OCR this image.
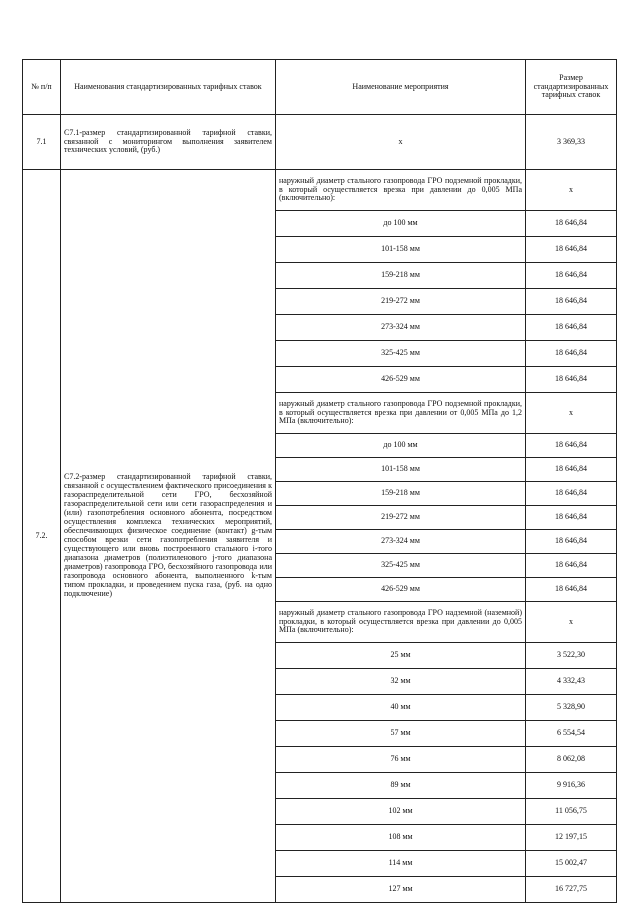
№ п/п	Наименования стандартизированных тарифных ставок	Наименование мероприятия	Размер стандартизированных тарифных ставок
7.1	С7.1-размер стандартизированной тарифной ставки, связанной с мониторингом выполнения заявителем технических условий, (руб.)	х	3 369,33
7.2.	С7.2-размер стандартизированной тарифной ставки, связанной с осуществлением фактического присоединения к газораспределительной сети ГРО, бесхозяйной газораспределительной сети или сети газораспределения и (или) газопотребления основного абонента, посредством осуществления комплекса технических мероприятий, обеспечивающих физическое соединение (контакт) g-тым способом врезки сети газопотребления заявителя и существующего или вновь построенного стального i-того диапазона диаметров (полиэтиленового j-того диапазона диаметров) газопровода ГРО, бесхозяйного газопровода или газопровода основного абонента, выполненного k-тым типом прокладки, и проведением пуска газа, (руб. на одно подключение)	наружный диаметр стального газопровода ГРО подземной прокладки, в который осуществляется врезка при давлении до 0,005 МПа (включительно):	х
		до 100 мм	18 646,84
		101-158 мм	18 646,84
		159-218 мм	18 646,84
		219-272 мм	18 646,84
		273-324 мм	18 646,84
		325-425 мм	18 646,84
		426-529 мм	18 646,84
		наружный диаметр стального газопровода ГРО подземной прокладки, в который осуществляется врезка при давлении от 0,005 МПа до 1,2 МПа (включительно):	х
		до 100 мм	18 646,84
		101-158 мм	18 646,84
		159-218 мм	18 646,84
		219-272 мм	18 646,84
		273-324 мм	18 646,84
		325-425 мм	18 646,84
		426-529 мм	18 646,84
		наружный диаметр стального газопровода ГРО надземной (наземной) прокладки, в который осуществляется врезка при давлении до 0,005 МПа (включительно):	х
		25 мм	3 522,30
		32 мм	4 332,43
		40 мм	5 328,90
		57 мм	6 554,54
		76 мм	8 062,08
		89 мм	9 916,36
		102 мм	11 056,75
		108 мм	12 197,15
		114 мм	15 002,47
		127 мм	16 727,75
